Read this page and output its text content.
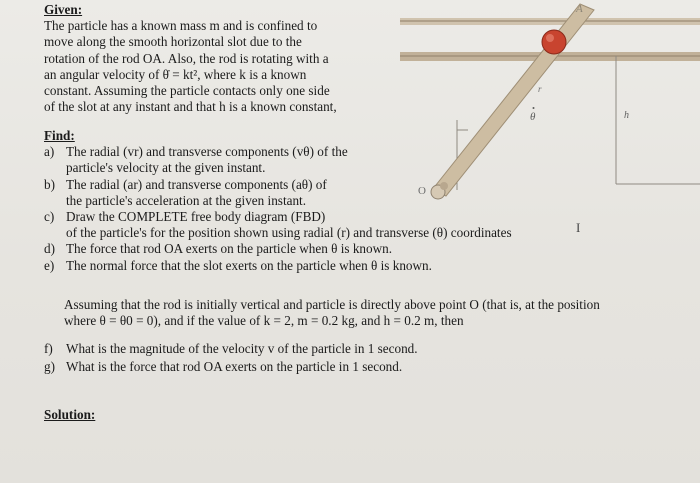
Given:

The particle has a known mass m and is confined to

move along the smooth horizontal slot due to the

rotation of the rod OA. Also, the rod is rotating with a

an angular velocity of θ̇ = kt², where k is a known

constant. Assuming the particle contacts only one side

of the slot at any instant and that h is a known constant,

O
A
h
r
θ
I
Find:
a) The radial (vr) and transverse components (vθ) of the
particle's velocity at the given instant.
b) The radial (ar) and transverse components (aθ) of
the particle's acceleration at the given instant.
c) Draw the COMPLETE free body diagram (FBD)
of the particle's for the position shown using radial (r) and transverse (θ) coordinates
d) The force that rod OA exerts on the particle when θ is known.
e) The normal force that the slot exerts on the particle when θ is known.

Assuming that the rod is initially vertical and particle is directly above point O (that is, at the position

where θ = θ0 = 0), and if the value of k = 2, m = 0.2 kg, and h = 0.2 m, then

f) What is the magnitude of the velocity v of the particle in 1 second.
g) What is the force that rod OA exerts on the particle in 1 second.
Solution:
